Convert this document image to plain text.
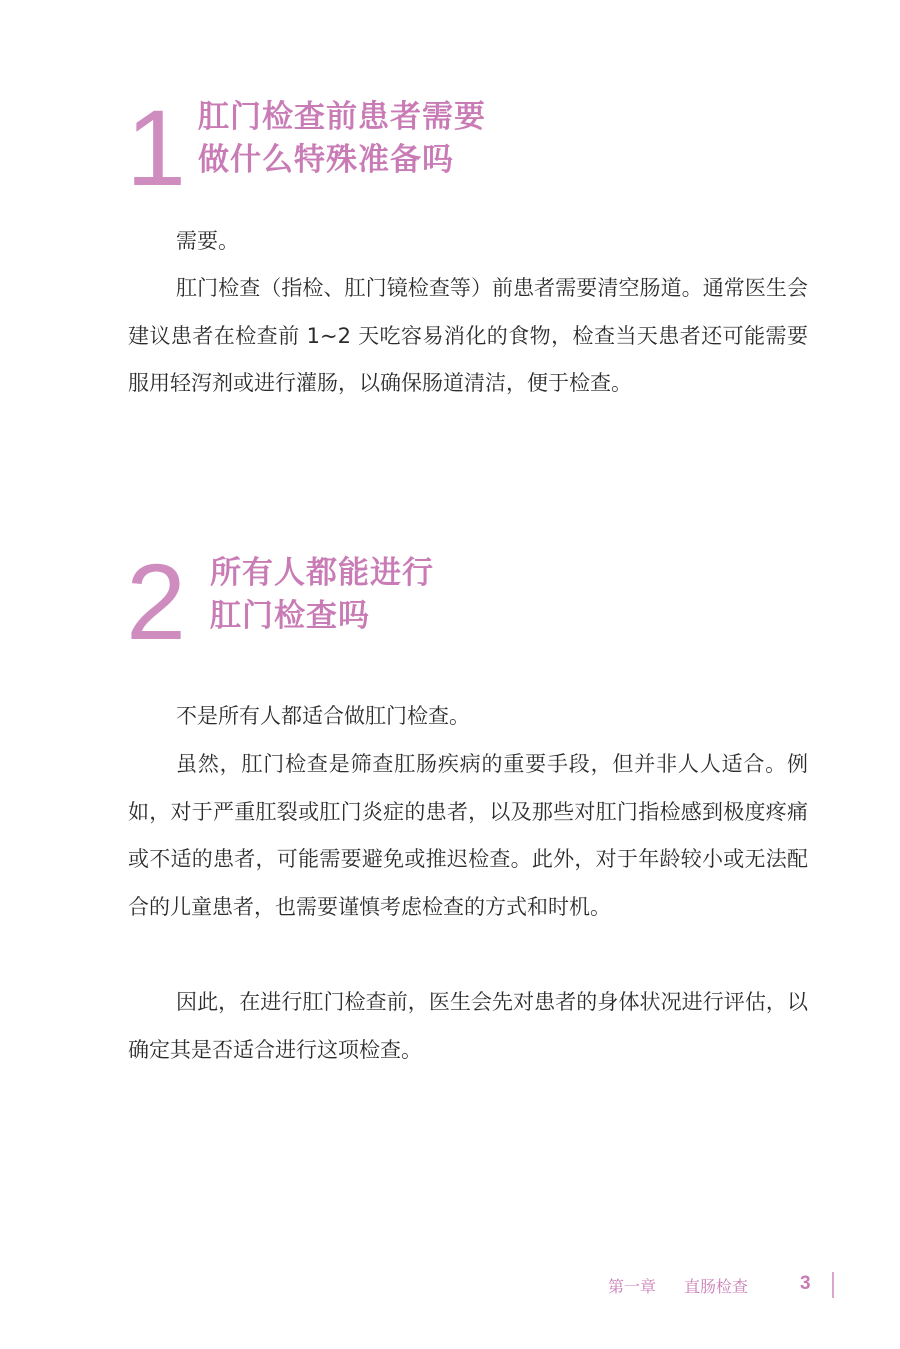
1 肛门检查前患者需要
做什么特殊准备吗

需要。

肛门检查（指检、肛门镜检查等）前患者需要清空肠道。通常医生会建议患者在检查前 1~2 天吃容易消化的食物，检查当天患者还可能需要服用轻泻剂或进行灌肠，以确保肠道清洁，便于检查。

2 所有人都能进行
肛门检查吗

不是所有人都适合做肛门检查。

虽然，肛门检查是筛查肛肠疾病的重要手段，但并非人人适合。例如，对于严重肛裂或肛门炎症的患者，以及那些对肛门指检感到极度疼痛或不适的患者，可能需要避免或推迟检查。此外，对于年龄较小或无法配合的儿童患者，也需要谨慎考虑检查的方式和时机。

因此，在进行肛门检查前，医生会先对患者的身体状况进行评估，以确定其是否适合进行这项检查。

第一章 直肠检查	3
